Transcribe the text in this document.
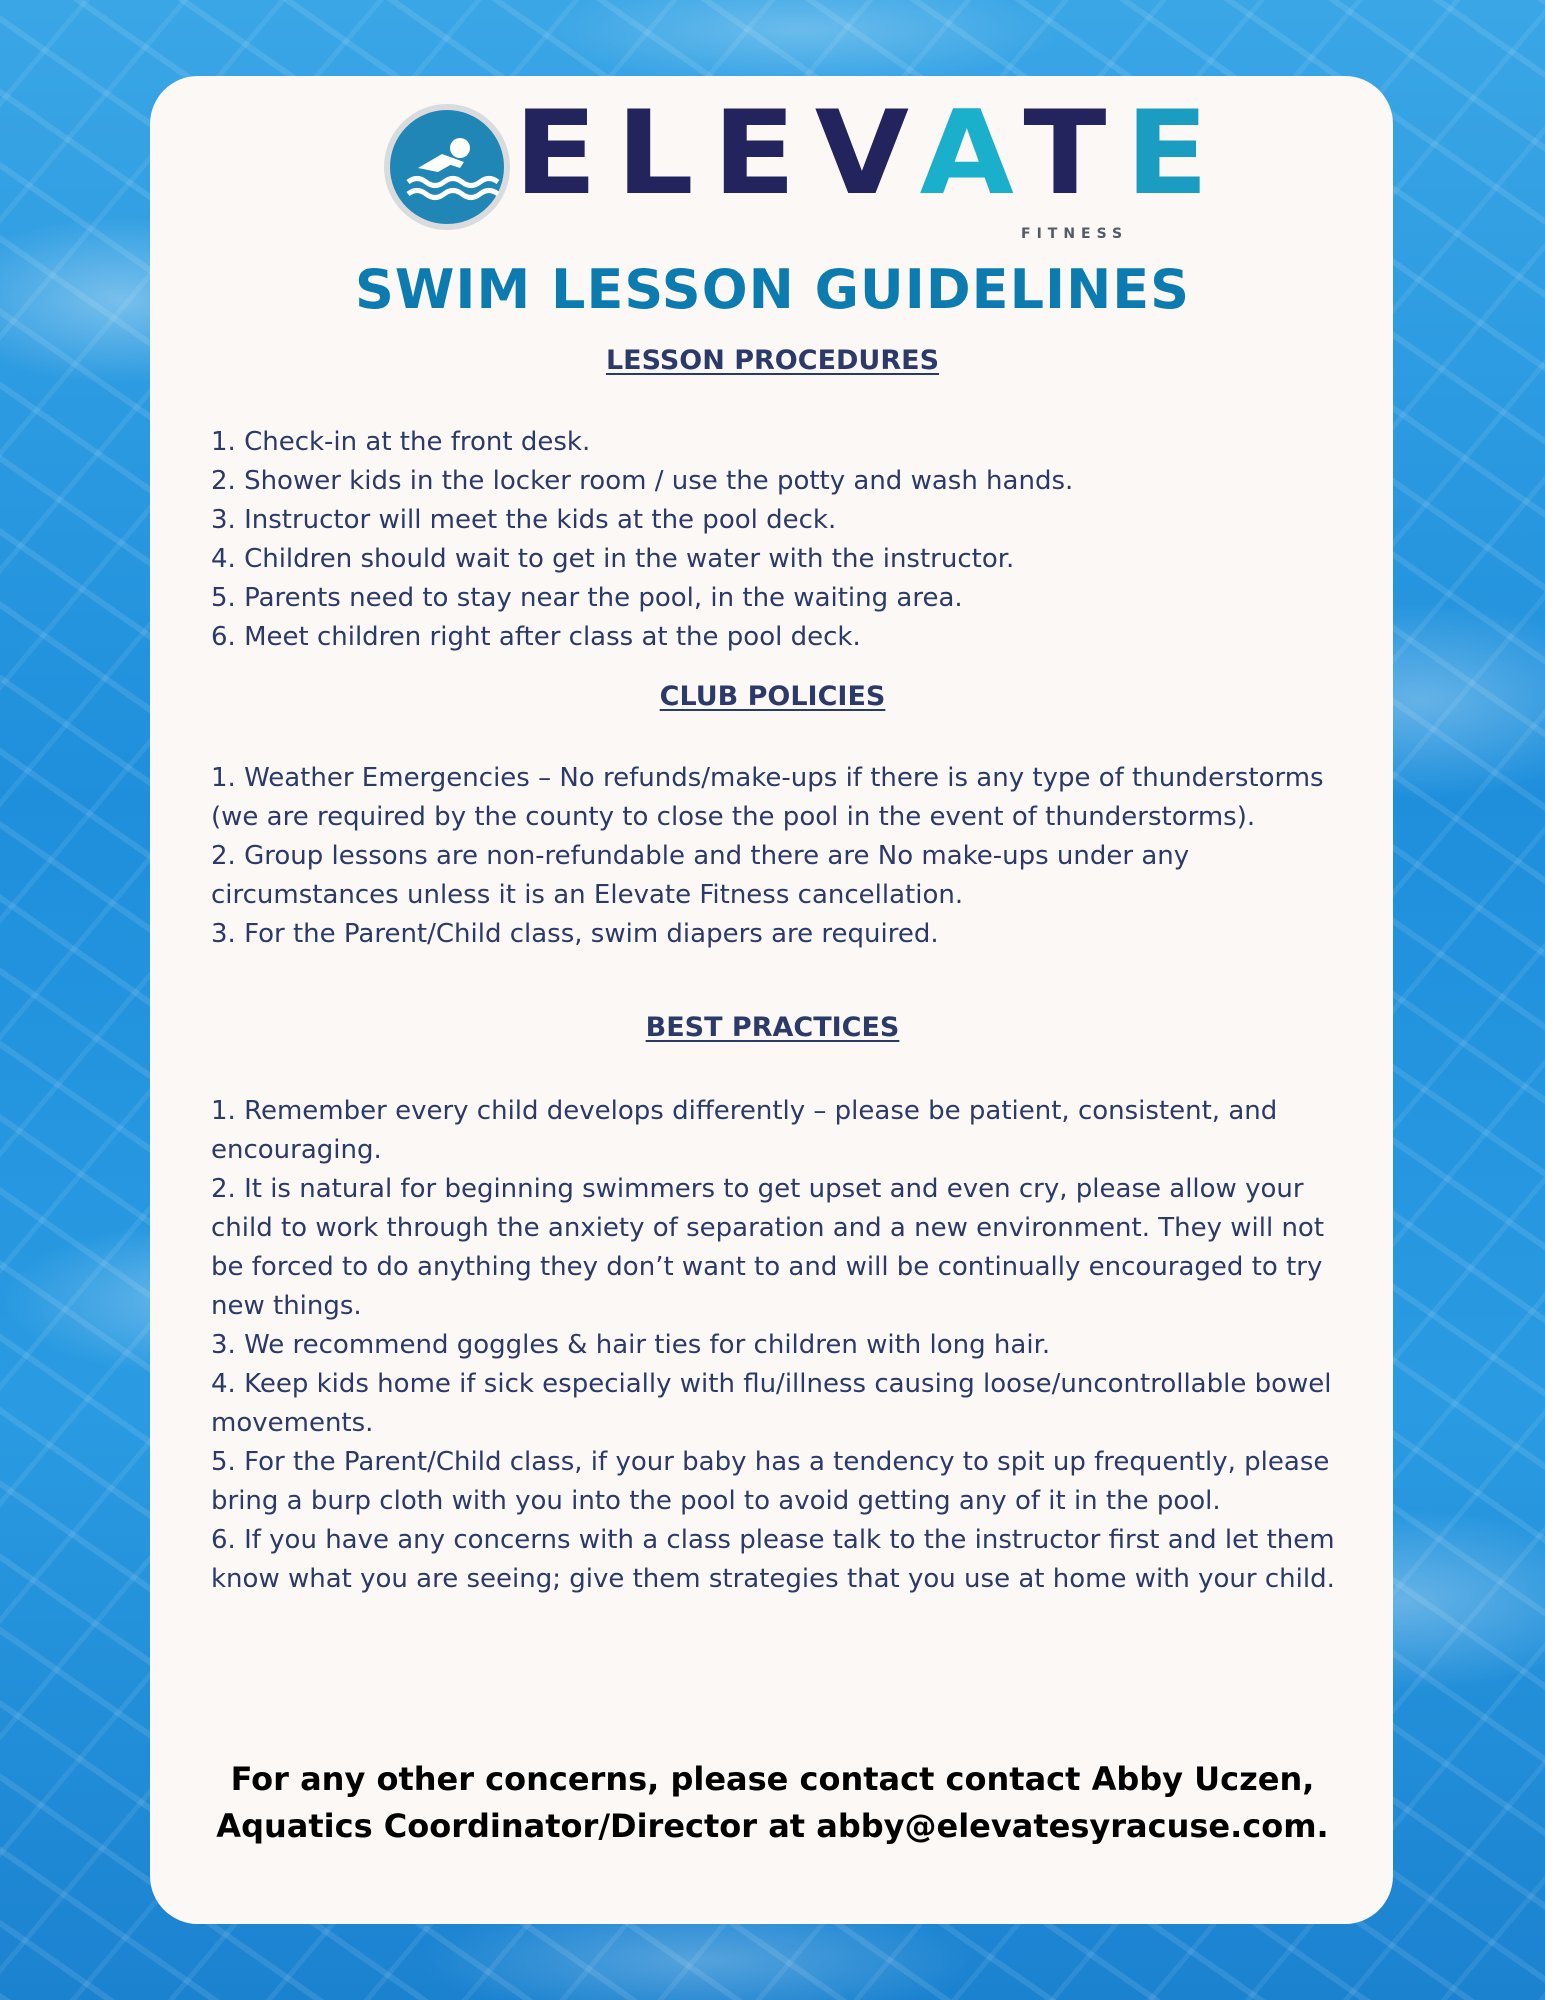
ELEVATE
FITNESS
SWIM LESSON GUIDELINES
LESSON PROCEDURES
1. Check-in at the front desk.
2. Shower kids in the locker room / use the potty and wash hands.
3. Instructor will meet the kids at the pool deck.
4. Children should wait to get in the water with the instructor.
5. Parents need to stay near the pool, in the waiting area.
6. Meet children right after class at the pool deck.
CLUB POLICIES
1. Weather Emergencies – No refunds/make-ups if there is any type of thunderstorms (we are required by the county to close the pool in the event of thunderstorms).
2. Group lessons are non-refundable and there are No make-ups under any circumstances unless it is an Elevate Fitness cancellation.
3. For the Parent/Child class, swim diapers are required.
BEST PRACTICES
1. Remember every child develops differently – please be patient, consistent, and encouraging.
2. It is natural for beginning swimmers to get upset and even cry, please allow your child to work through the anxiety of separation and a new environment. They will not be forced to do anything they don’t want to and will be continually encouraged to try new things.
3. We recommend goggles & hair ties for children with long hair.
4. Keep kids home if sick especially with flu/illness causing loose/uncontrollable bowel movements.
5. For the Parent/Child class, if your baby has a tendency to spit up frequently, please bring a burp cloth with you into the pool to avoid getting any of it in the pool.
6. If you have any concerns with a class please talk to the instructor first and let them know what you are seeing; give them strategies that you use at home with your child.
For any other concerns, please contact contact Abby Uczen,
Aquatics Coordinator/Director at abby@elevatesyracuse.com.
